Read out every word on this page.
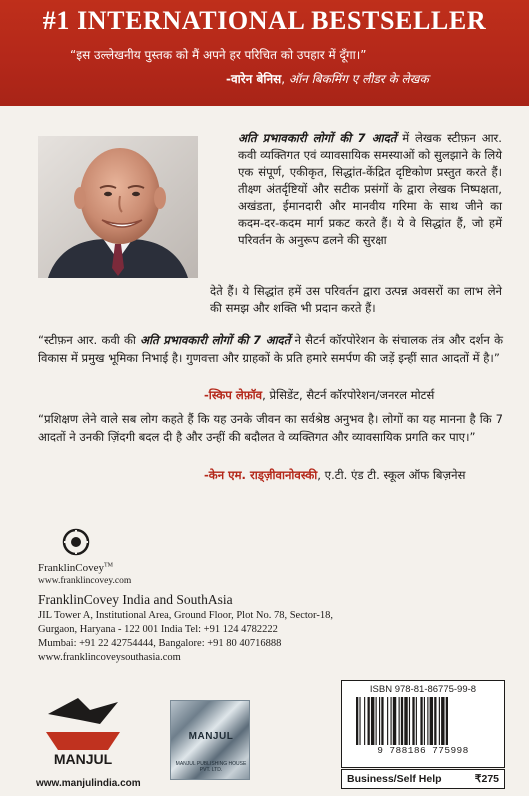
#1 INTERNATIONAL BESTSELLER
“इस उल्लेखनीय पुस्तक को मैं अपने हर परिचित को उपहार में दूँगा।”
-वारेन बेनिस, ऑन बिकमिंग ए लीडर के लेखक
अति प्रभावकारी लोगों की 7 आदतें में लेखक स्टीफ़न आर. कवी व्यक्तिगत एवं व्यावसायिक समस्याओं को सुलझाने के लिये एक संपूर्ण, एकीकृत, सिद्धांत-केंद्रित दृष्टिकोण प्रस्तुत करते हैं। तीक्ष्ण अंतर्दृष्टियों और सटीक प्रसंगों के द्वारा लेखक निष्पक्षता, अखंडता, ईमानदारी और मानवीय गरिमा के साथ जीने का कदम-दर-कदम मार्ग प्रकट करते हैं। ये वे सिद्धांत हैं, जो हमें परिवर्तन के अनुरूप ढलने की सुरक्षा
देते हैं। ये सिद्धांत हमें उस परिवर्तन द्वारा उत्पन्न अवसरों का लाभ लेने की समझ और शक्ति भी प्रदान करते हैं।
“स्टीफ़न आर. कवी की अति प्रभावकारी लोगों की 7 आदतें ने सैटर्न कॉरपोरेशन के संचालक तंत्र और दर्शन के विकास में प्रमुख भूमिका निभाई है। गुणवत्ता और ग्राहकों के प्रति हमारे समर्पण की जड़ें इन्हीं सात आदतों में है।”
-स्किप लेफ़ॉव, प्रेसिडेंट, सैटर्न कॉरपोरेशन/जनरल मोटर्स
“प्रशिक्षण लेने वाले सब लोग कहते हैं कि यह उनके जीवन का सर्वश्रेष्ठ अनुभव है। लोगों का यह मानना है कि 7 आदतों ने उनकी ज़िंदगी बदल दी है और उन्हीं की बदौलत वे व्यक्तिगत और व्यावसायिक प्रगति कर पाए।”
-केन एम. राड्ज़ीवानोवस्की, ए.टी. एंड टी. स्कूल ऑफ बिज़नेस
FranklinCovey™
www.franklincovey.com
FranklinCovey India and SouthAsia
JIL Tower A, Institutional Area, Ground Floor, Plot No. 78, Sector-18,
Gurgaon, Haryana - 122 001 India Tel: +91 124 4782222
Mumbai: +91 22 42754444, Bangalore: +91 80 40716888
www.franklincoveysouthasia.com
MANJUL
www.manjulindia.com
MANJUL
MANJUL PUBLISHING HOUSE PVT. LTD.
ISBN 978-81-86775-99-8
9 788186 775998
Business/Self Help	₹275
